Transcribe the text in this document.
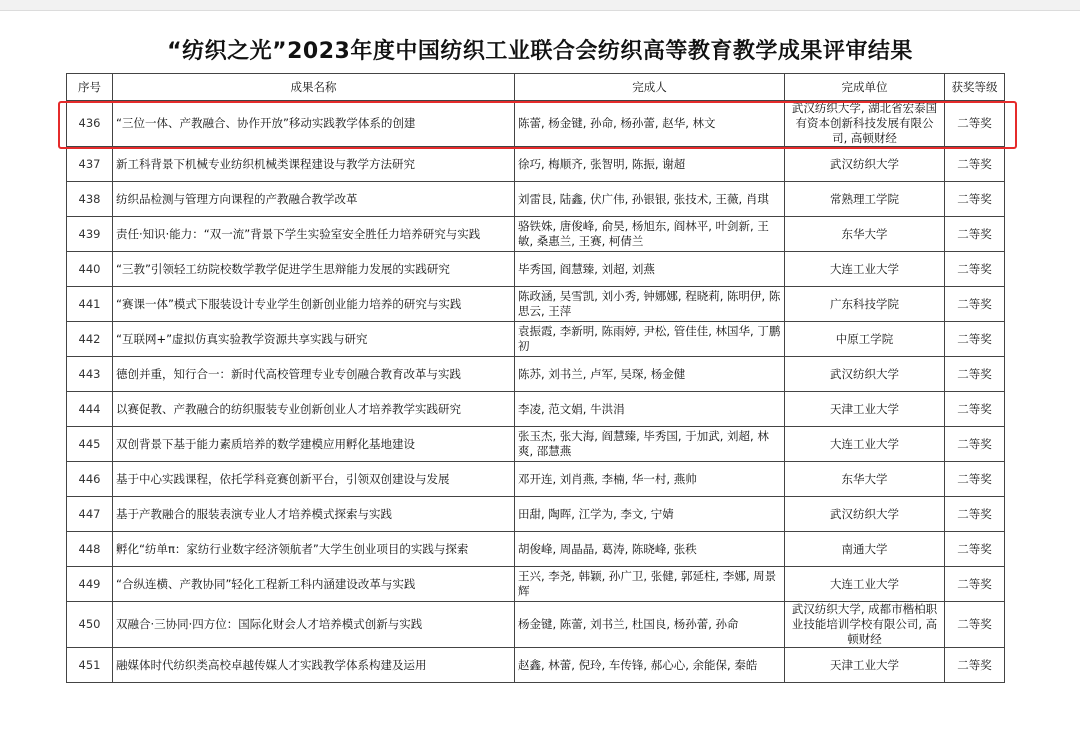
“纺织之光”2023年度中国纺织工业联合会纺织高等教育教学成果评审结果
序号	成果名称	完成人	完成单位	获奖等级
436	“三位一体、产教融合、协作开放”移动实践教学体系的创建	陈蕾, 杨金键, 孙命, 杨孙蕾, 赵华, 林文	武汉纺织大学, 湖北省宏泰国有资本创新科技发展有限公司, 高顿财经	二等奖
437	新工科背景下机械专业纺织机械类课程建设与教学方法研究	徐巧, 梅顺齐, 张智明, 陈振, 谢超	武汉纺织大学	二等奖
438	纺织品检测与管理方向课程的产教融合教学改革	刘雷艮, 陆鑫, 伏广伟, 孙银银, 张技术, 王薇, 肖琪	常熟理工学院	二等奖
439	责任·知识·能力：“双一流”背景下学生实验室安全胜任力培养研究与实践	骆铁姝, 唐俊峰, 俞昊, 杨旭东, 阎林平, 叶剑新, 王敏, 桑惠兰, 王赛, 柯倩兰	东华大学	二等奖
440	“三教”引领轻工纺院校数学教学促进学生思辩能力发展的实践研究	毕秀国, 阎慧臻, 刘超, 刘燕	大连工业大学	二等奖
441	“赛课一体”模式下服装设计专业学生创新创业能力培养的研究与实践	陈政涵, 吴雪凯, 刘小秀, 钟娜娜, 程晓莉, 陈明伊, 陈思云, 王萍	广东科技学院	二等奖
442	“互联网+”虚拟仿真实验教学资源共享实践与研究	袁振霞, 李新明, 陈雨婷, 尹松, 管佳佳, 林国华, 丁鹏初	中原工学院	二等奖
443	德创并重，知行合一：新时代高校管理专业专创融合教育改革与实践	陈苏, 刘书兰, 卢军, 吴琛, 杨金健	武汉纺织大学	二等奖
444	以赛促教、产教融合的纺织服装专业创新创业人才培养教学实践研究	李凌, 范文娟, 牛洪涓	天津工业大学	二等奖
445	双创背景下基于能力素质培养的数学建模应用孵化基地建设	张玉杰, 张大海, 阎慧臻, 毕秀国, 于加武, 刘超, 林爽, 邵慧燕	大连工业大学	二等奖
446	基于中心实践课程，依托学科竞赛创新平台，引领双创建设与发展	邓开连, 刘肖燕, 李楠, 华一村, 燕帅	东华大学	二等奖
447	基于产教融合的服装表演专业人才培养模式探索与实践	田甜, 陶晖, 江学为, 李文, 宁婧	武汉纺织大学	二等奖
448	孵化“纺单π：家纺行业数字经济领航者”大学生创业项目的实践与探索	胡俊峰, 周晶晶, 葛涛, 陈晓峰, 张秩	南通大学	二等奖
449	“合纵连横、产教协同”轻化工程新工科内涵建设改革与实践	王兴, 李尧, 韩颖, 孙广卫, 张健, 郭延柱, 李娜, 周景辉	大连工业大学	二等奖
450	双融合·三协同·四方位：国际化财会人才培养模式创新与实践	杨金键, 陈蕾, 刘书兰, 杜国良, 杨孙蕾, 孙命	武汉纺织大学, 成都市楷柏职业技能培训学校有限公司, 高顿财经	二等奖
451	融媒体时代纺织类高校卓越传媒人才实践教学体系构建及运用	赵鑫, 林蕾, 倪玲, 车传锋, 郝心心, 余能保, 秦皓	天津工业大学	二等奖
